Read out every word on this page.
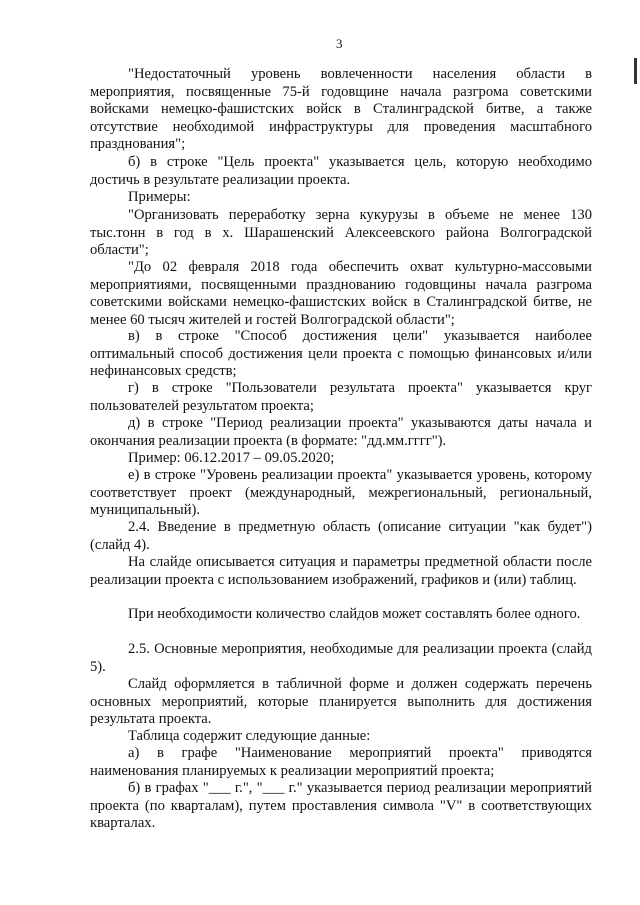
3

"Недостаточный уровень вовлеченности населения области в мероприятия, посвященные 75-й годовщине начала разгрома советскими войсками немецко-фашистских войск в Сталинградской битве, а также отсутствие необходимой инфраструктуры для проведения масштабного празднования";

б) в строке "Цель проекта" указывается цель, которую необходимо достичь в результате реализации проекта.

Примеры:

"Организовать переработку зерна кукурузы в объеме не менее 130 тыс.тонн в год в х. Шарашенский Алексеевского района Волгоградской области";

"До 02 февраля 2018 года обеспечить охват культурно-массовыми мероприятиями, посвященными празднованию годовщины начала разгрома советскими войсками немецко-фашистских войск в Сталинградской битве, не менее 60 тысяч жителей и гостей Волгоградской области";

в) в строке "Способ достижения цели" указывается наиболее оптимальный способ достижения цели проекта с помощью финансовых и/или нефинансовых средств;

г) в строке "Пользователи результата проекта" указывается круг пользователей результатом проекта;

д) в строке "Период реализации проекта" указываются даты начала и окончания реализации проекта (в формате: "дд.мм.гггг").

Пример: 06.12.2017 – 09.05.2020;

е) в строке "Уровень реализации проекта" указывается уровень, которому соответствует проект (международный, межрегиональный, региональный, муниципальный).

2.4. Введение в предметную область (описание ситуации "как будет") (слайд 4).

На слайде описывается ситуация и параметры предметной области после реализации проекта с использованием изображений, графиков и (или) таблиц.

При необходимости количество слайдов может составлять более одного.

2.5. Основные мероприятия, необходимые для реализации проекта (слайд 5).

Слайд оформляется в табличной форме и должен содержать перечень основных мероприятий, которые планируется выполнить для достижения результата проекта.

Таблица содержит следующие данные:

а) в графе "Наименование мероприятий проекта" приводятся наименования планируемых к реализации мероприятий проекта;

б) в графах "___ г.", "___ г." указывается период реализации мероприятий проекта (по кварталам), путем проставления символа "V" в соответствующих кварталах.
